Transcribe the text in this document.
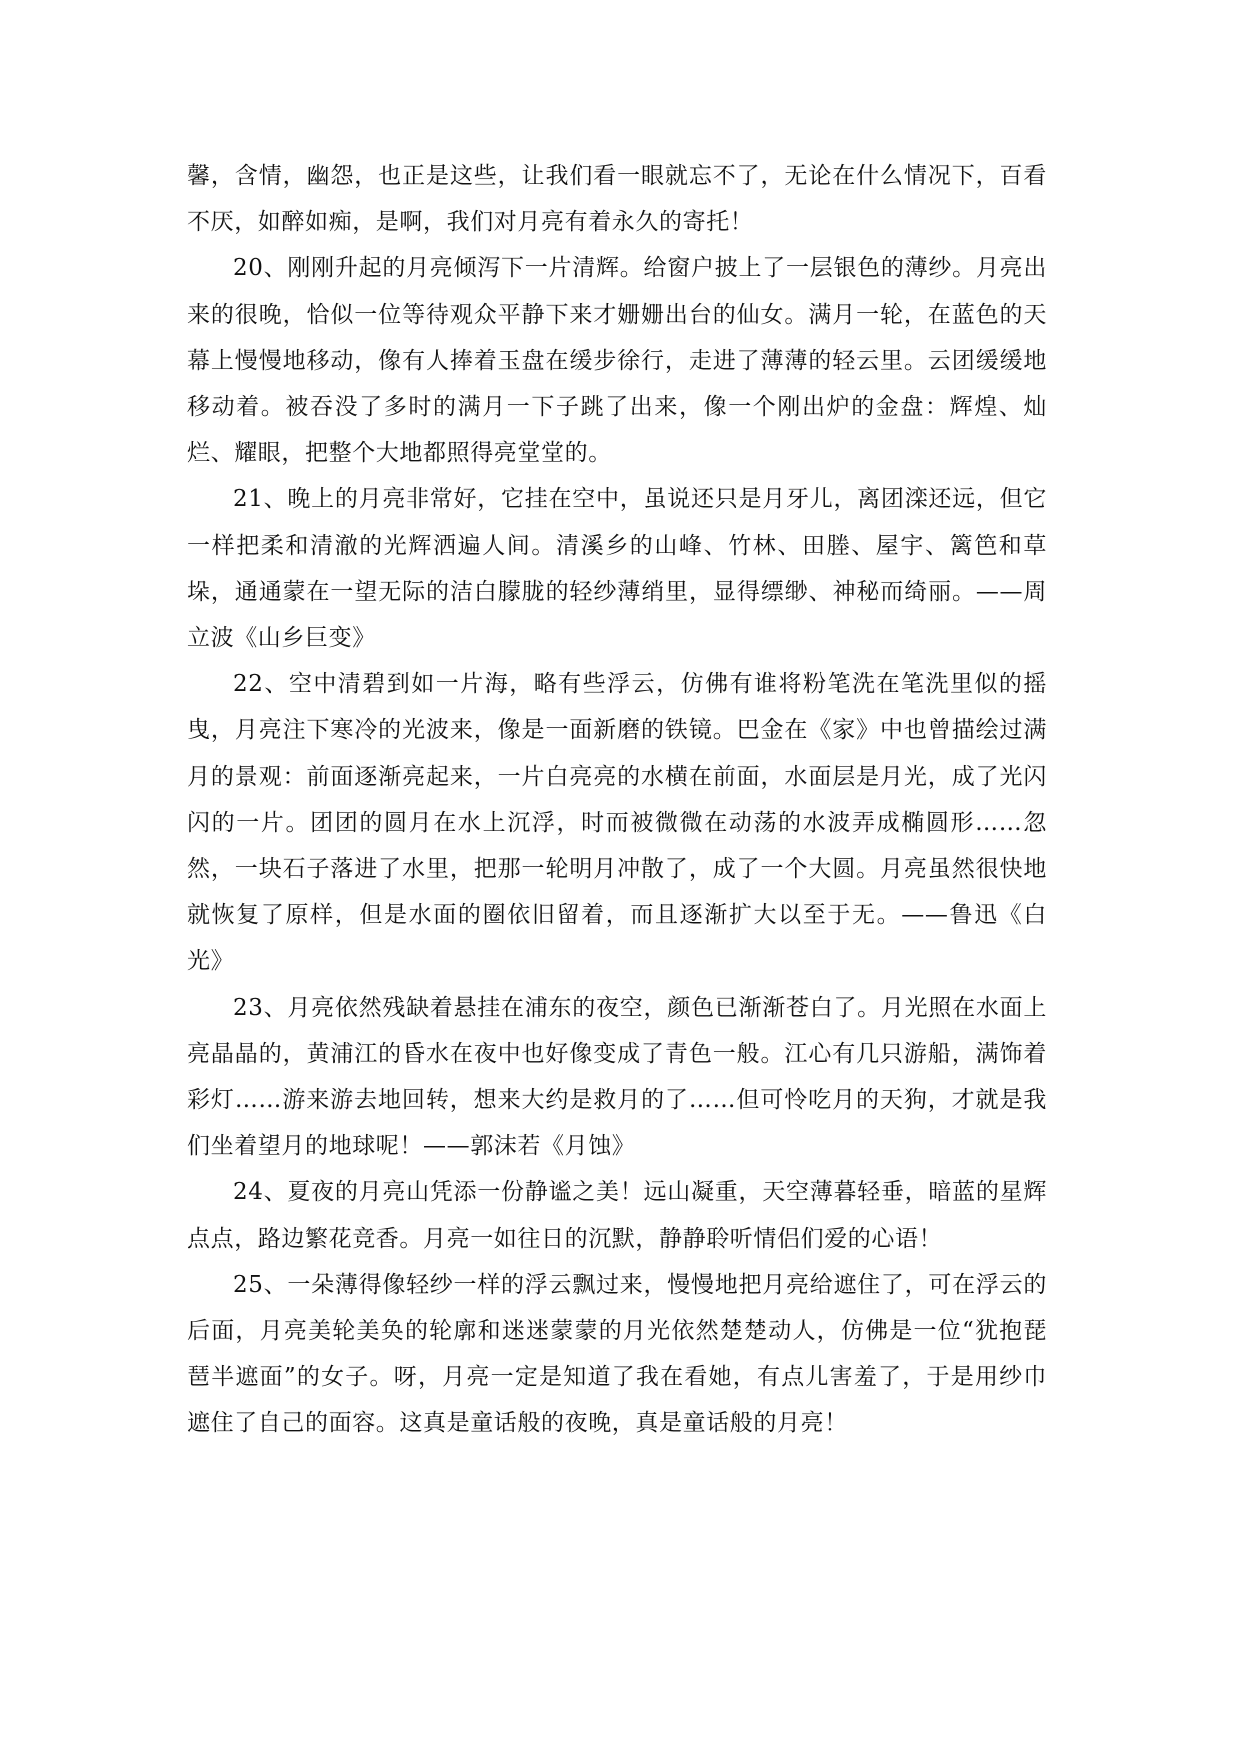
馨，含情，幽怨，也正是这些，让我们看一眼就忘不了，无论在什么情况下，百看不厌，如醉如痴，是啊，我们对月亮有着永久的寄托！

20、刚刚升起的月亮倾泻下一片清辉。给窗户披上了一层银色的薄纱。月亮出来的很晚，恰似一位等待观众平静下来才姗姗出台的仙女。满月一轮，在蓝色的天幕上慢慢地移动，像有人捧着玉盘在缓步徐行，走进了薄薄的轻云里。云团缓缓地移动着。被吞没了多时的满月一下子跳了出来，像一个刚出炉的金盘：辉煌、灿烂、耀眼，把整个大地都照得亮堂堂的。

21、晚上的月亮非常好，它挂在空中，虽说还只是月牙儿，离团滦还远，但它一样把柔和清澈的光辉洒遍人间。清溪乡的山峰、竹林、田塍、屋宇、篱笆和草垛，通通蒙在一望无际的洁白朦胧的轻纱薄绡里，显得缥缈、神秘而绮丽。——周立波《山乡巨变》

22、空中清碧到如一片海，略有些浮云，仿佛有谁将粉笔洗在笔洗里似的摇曳，月亮注下寒冷的光波来，像是一面新磨的铁镜。巴金在《家》中也曾描绘过满月的景观：前面逐渐亮起来，一片白亮亮的水横在前面，水面层是月光，成了光闪闪的一片。团团的圆月在水上沉浮，时而被微微在动荡的水波弄成椭圆形……忽然，一块石子落进了水里，把那一轮明月冲散了，成了一个大圆。月亮虽然很快地就恢复了原样，但是水面的圈依旧留着，而且逐渐扩大以至于无。——鲁迅《白光》

23、月亮依然残缺着悬挂在浦东的夜空，颜色已渐渐苍白了。月光照在水面上亮晶晶的，黄浦江的昏水在夜中也好像变成了青色一般。江心有几只游船，满饰着彩灯……游来游去地回转，想来大约是救月的了……但可怜吃月的天狗，才就是我们坐着望月的地球呢！——郭沫若《月蚀》

24、夏夜的月亮山凭添一份静谧之美！远山凝重，天空薄暮轻垂，暗蓝的星辉点点，路边繁花竞香。月亮一如往日的沉默，静静聆听情侣们爱的心语！

25、一朵薄得像轻纱一样的浮云飘过来，慢慢地把月亮给遮住了，可在浮云的后面，月亮美轮美奂的轮廓和迷迷蒙蒙的月光依然楚楚动人，仿佛是一位“犹抱琵琶半遮面”的女子。呀，月亮一定是知道了我在看她，有点儿害羞了，于是用纱巾遮住了自己的面容。这真是童话般的夜晚，真是童话般的月亮！
